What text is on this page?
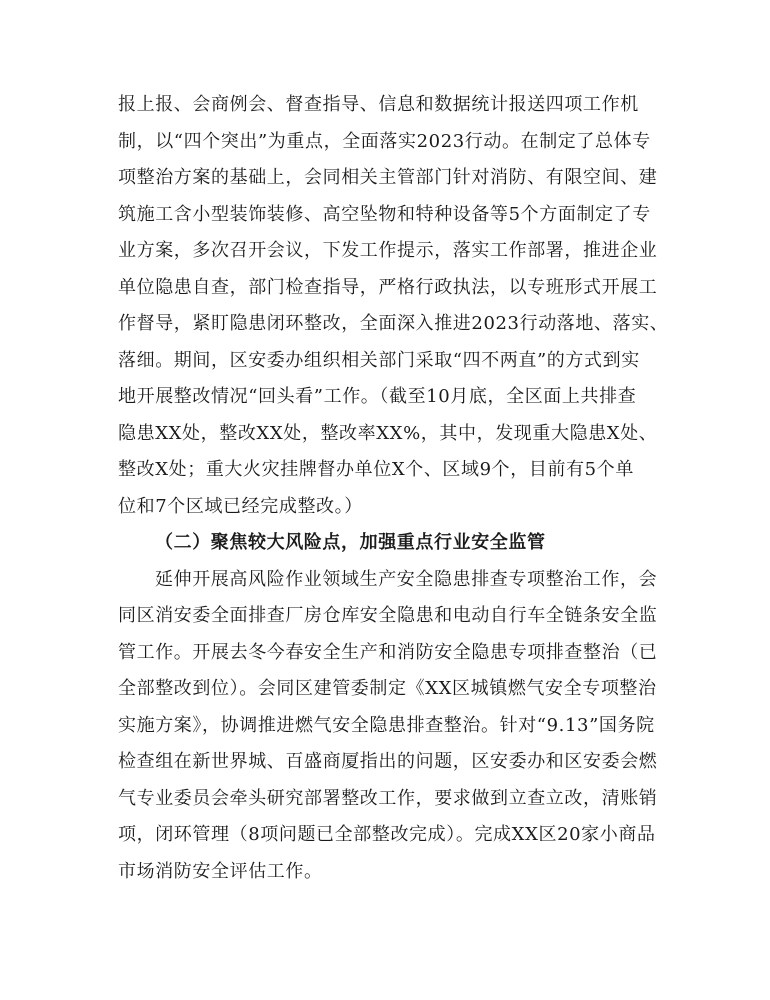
报上报、会商例会、督查指导、信息和数据统计报送四项工作机
制，以“四个突出”为重点，全面落实2023行动。在制定了总体专
项整治方案的基础上，会同相关主管部门针对消防、有限空间、建
筑施工含小型装饰装修、高空坠物和特种设备等5个方面制定了专
业方案，多次召开会议，下发工作提示，落实工作部署，推进企业
单位隐患自查，部门检查指导，严格行政执法，以专班形式开展工
作督导，紧盯隐患闭环整改，全面深入推进2023行动落地、落实、
落细。期间，区安委办组织相关部门采取“四不两直”的方式到实
地开展整改情况“回头看”工作。（截至10月底，全区面上共排查
隐患XX处，整改XX处，整改率XX%，其中，发现重大隐患X处、
整改X处；重大火灾挂牌督办单位X个、区域9个，目前有5个单
位和7个区域已经完成整改。）
（二）聚焦较大风险点，加强重点行业安全监管
延伸开展高风险作业领域生产安全隐患排查专项整治工作，会
同区消安委全面排查厂房仓库安全隐患和电动自行车全链条安全监
管工作。开展去冬今春安全生产和消防安全隐患专项排查整治（已
全部整改到位）。会同区建管委制定《XX区城镇燃气安全专项整治
实施方案》，协调推进燃气安全隐患排查整治。针对“9.13”国务院
检查组在新世界城、百盛商厦指出的问题，区安委办和区安委会燃
气专业委员会牵头研究部署整改工作，要求做到立查立改，清账销
项，闭环管理（8项问题已全部整改完成）。完成XX区20家小商品
市场消防安全评估工作。
